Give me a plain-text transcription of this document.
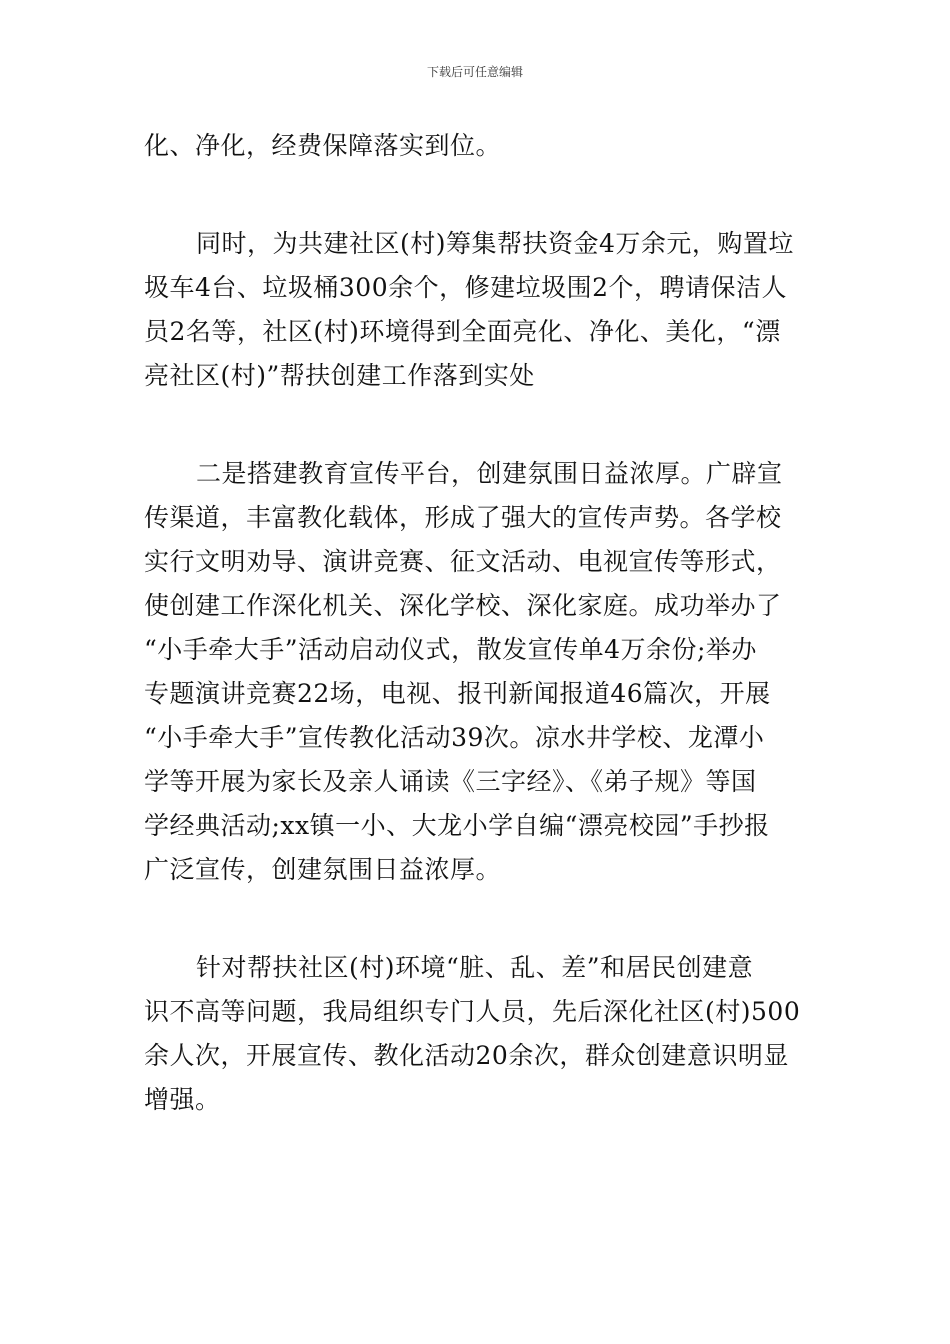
下载后可任意编辑
化、净化，经费保障落实到位。
同时，为共建社区(村)筹集帮扶资金4万余元，购置垃
圾车4台、垃圾桶300余个，修建垃圾围2个，聘请保洁人
员2名等，社区(村)环境得到全面亮化、净化、美化，“漂
亮社区(村)”帮扶创建工作落到实处
二是搭建教育宣传平台，创建氛围日益浓厚。广辟宣
传渠道，丰富教化载体，形成了强大的宣传声势。各学校
实行文明劝导、演讲竞赛、征文活动、电视宣传等形式，
使创建工作深化机关、深化学校、深化家庭。成功举办了
“小手牵大手”活动启动仪式，散发宣传单4万余份;举办
专题演讲竞赛22场，电视、报刊新闻报道46篇次，开展
“小手牵大手”宣传教化活动39次。凉水井学校、龙潭小
学等开展为家长及亲人诵读《三字经》、《弟子规》等国
学经典活动;xx镇一小、大龙小学自编“漂亮校园”手抄报
广泛宣传，创建氛围日益浓厚。
针对帮扶社区(村)环境“脏、乱、差”和居民创建意
识不高等问题，我局组织专门人员，先后深化社区(村)500
余人次，开展宣传、教化活动20余次，群众创建意识明显
增强。
